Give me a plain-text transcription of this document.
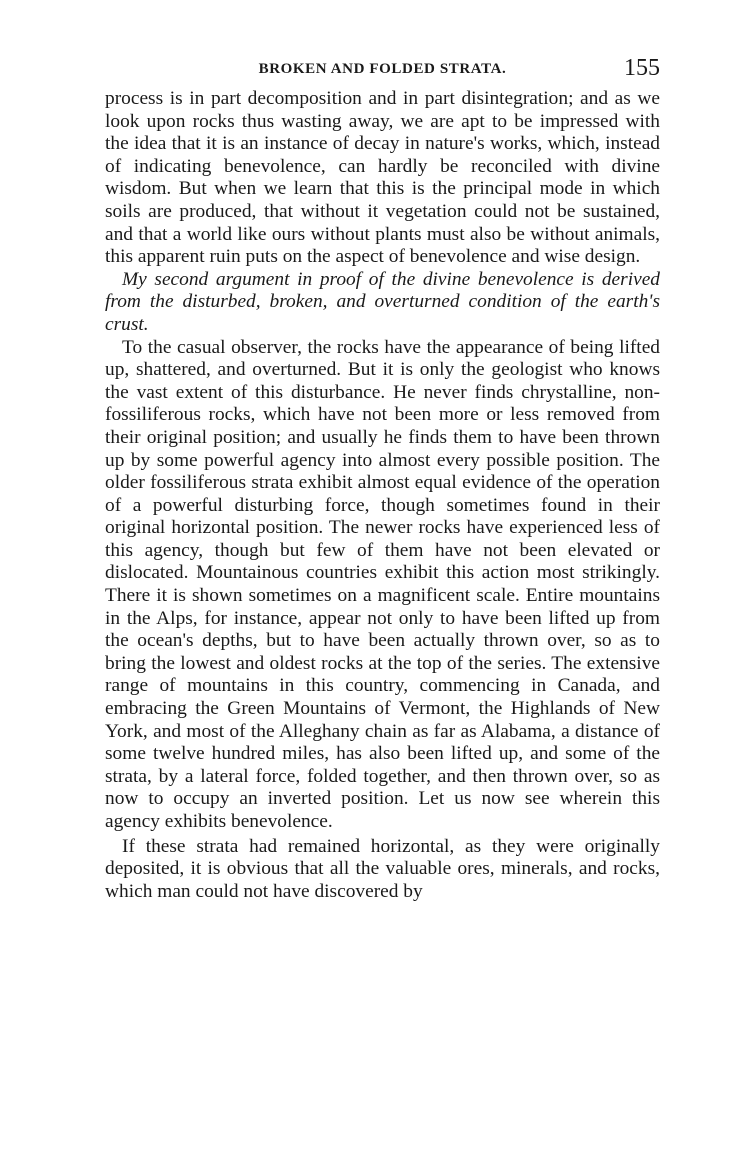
BROKEN AND FOLDED STRATA.	155

process is in part decomposition and in part disintegration; and as we look upon rocks thus wasting away, we are apt to be impressed with the idea that it is an instance of decay in nature's works, which, instead of indicating benevolence, can hardly be reconciled with divine wisdom. But when we learn that this is the principal mode in which soils are produced, that without it vegetation could not be sustained, and that a world like ours without plants must also be without animals, this apparent ruin puts on the aspect of benevolence and wise design.

My second argument in proof of the divine benevolence is derived from the disturbed, broken, and overturned condition of the earth's crust.

To the casual observer, the rocks have the appearance of being lifted up, shattered, and overturned. But it is only the geologist who knows the vast extent of this disturbance. He never finds chrystalline, non-fossiliferous rocks, which have not been more or less removed from their original position; and usually he finds them to have been thrown up by some powerful agency into almost every possible position. The older fossiliferous strata exhibit almost equal evidence of the operation of a powerful disturbing force, though sometimes found in their original horizontal position. The newer rocks have experienced less of this agency, though but few of them have not been elevated or dislocated. Mountainous countries exhibit this action most strikingly. There it is shown sometimes on a magnificent scale. Entire mountains in the Alps, for instance, appear not only to have been lifted up from the ocean's depths, but to have been actually thrown over, so as to bring the lowest and oldest rocks at the top of the series. The extensive range of mountains in this country, commencing in Canada, and embracing the Green Mountains of Vermont, the Highlands of New York, and most of the Alleghany chain as far as Alabama, a distance of some twelve hundred miles, has also been lifted up, and some of the strata, by a lateral force, folded together, and then thrown over, so as now to occupy an inverted position. Let us now see wherein this agency exhibits benevolence.

If these strata had remained horizontal, as they were originally deposited, it is obvious that all the valuable ores, minerals, and rocks, which man could not have discovered by
